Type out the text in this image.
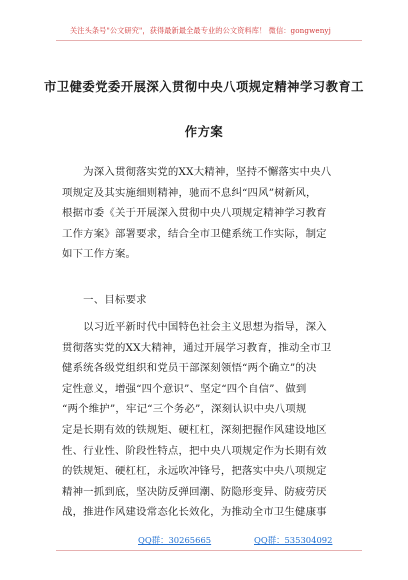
关注头条号"公文研究"，获得最新最全最专业的公文资料库！ 微信：gongwenyj
市卫健委党委开展深入贯彻中央八项规定精神学习教育工
作方案
　　为深入贯彻落实党的XX大精神，坚持不懈落实中央八
项规定及其实施细则精神，驰而不息纠“四风”树新风，
根据市委《关于开展深入贯彻中央八项规定精神学习教育
工作方案》部署要求，结合全市卫健系统工作实际，制定
如下工作方案。
　　一、目标要求
　　以习近平新时代中国特色社会主义思想为指导，深入
贯彻落实党的XX大精神，通过开展学习教育，推动全市卫
健系统各级党组织和党员干部深刻领悟“两个确立”的决
定性意义，增强“四个意识”、坚定“四个自信”、做到
“两个维护”，牢记“三个务必”，深刻认识中央八项规
定是长期有效的铁规矩、硬杠杠，深刻把握作风建设地区
性、行业性、阶段性特点，把中央八项规定作为长期有效
的铁规矩、硬杠杠，永远吹冲锋号，把落实中央八项规定
精神一抓到底，坚决防反弹回潮、防隐形变异、防疲劳厌
战，推进作风建设常态化长效化，为推动全市卫生健康事
QQ群：30265665	QQ群：535304092
